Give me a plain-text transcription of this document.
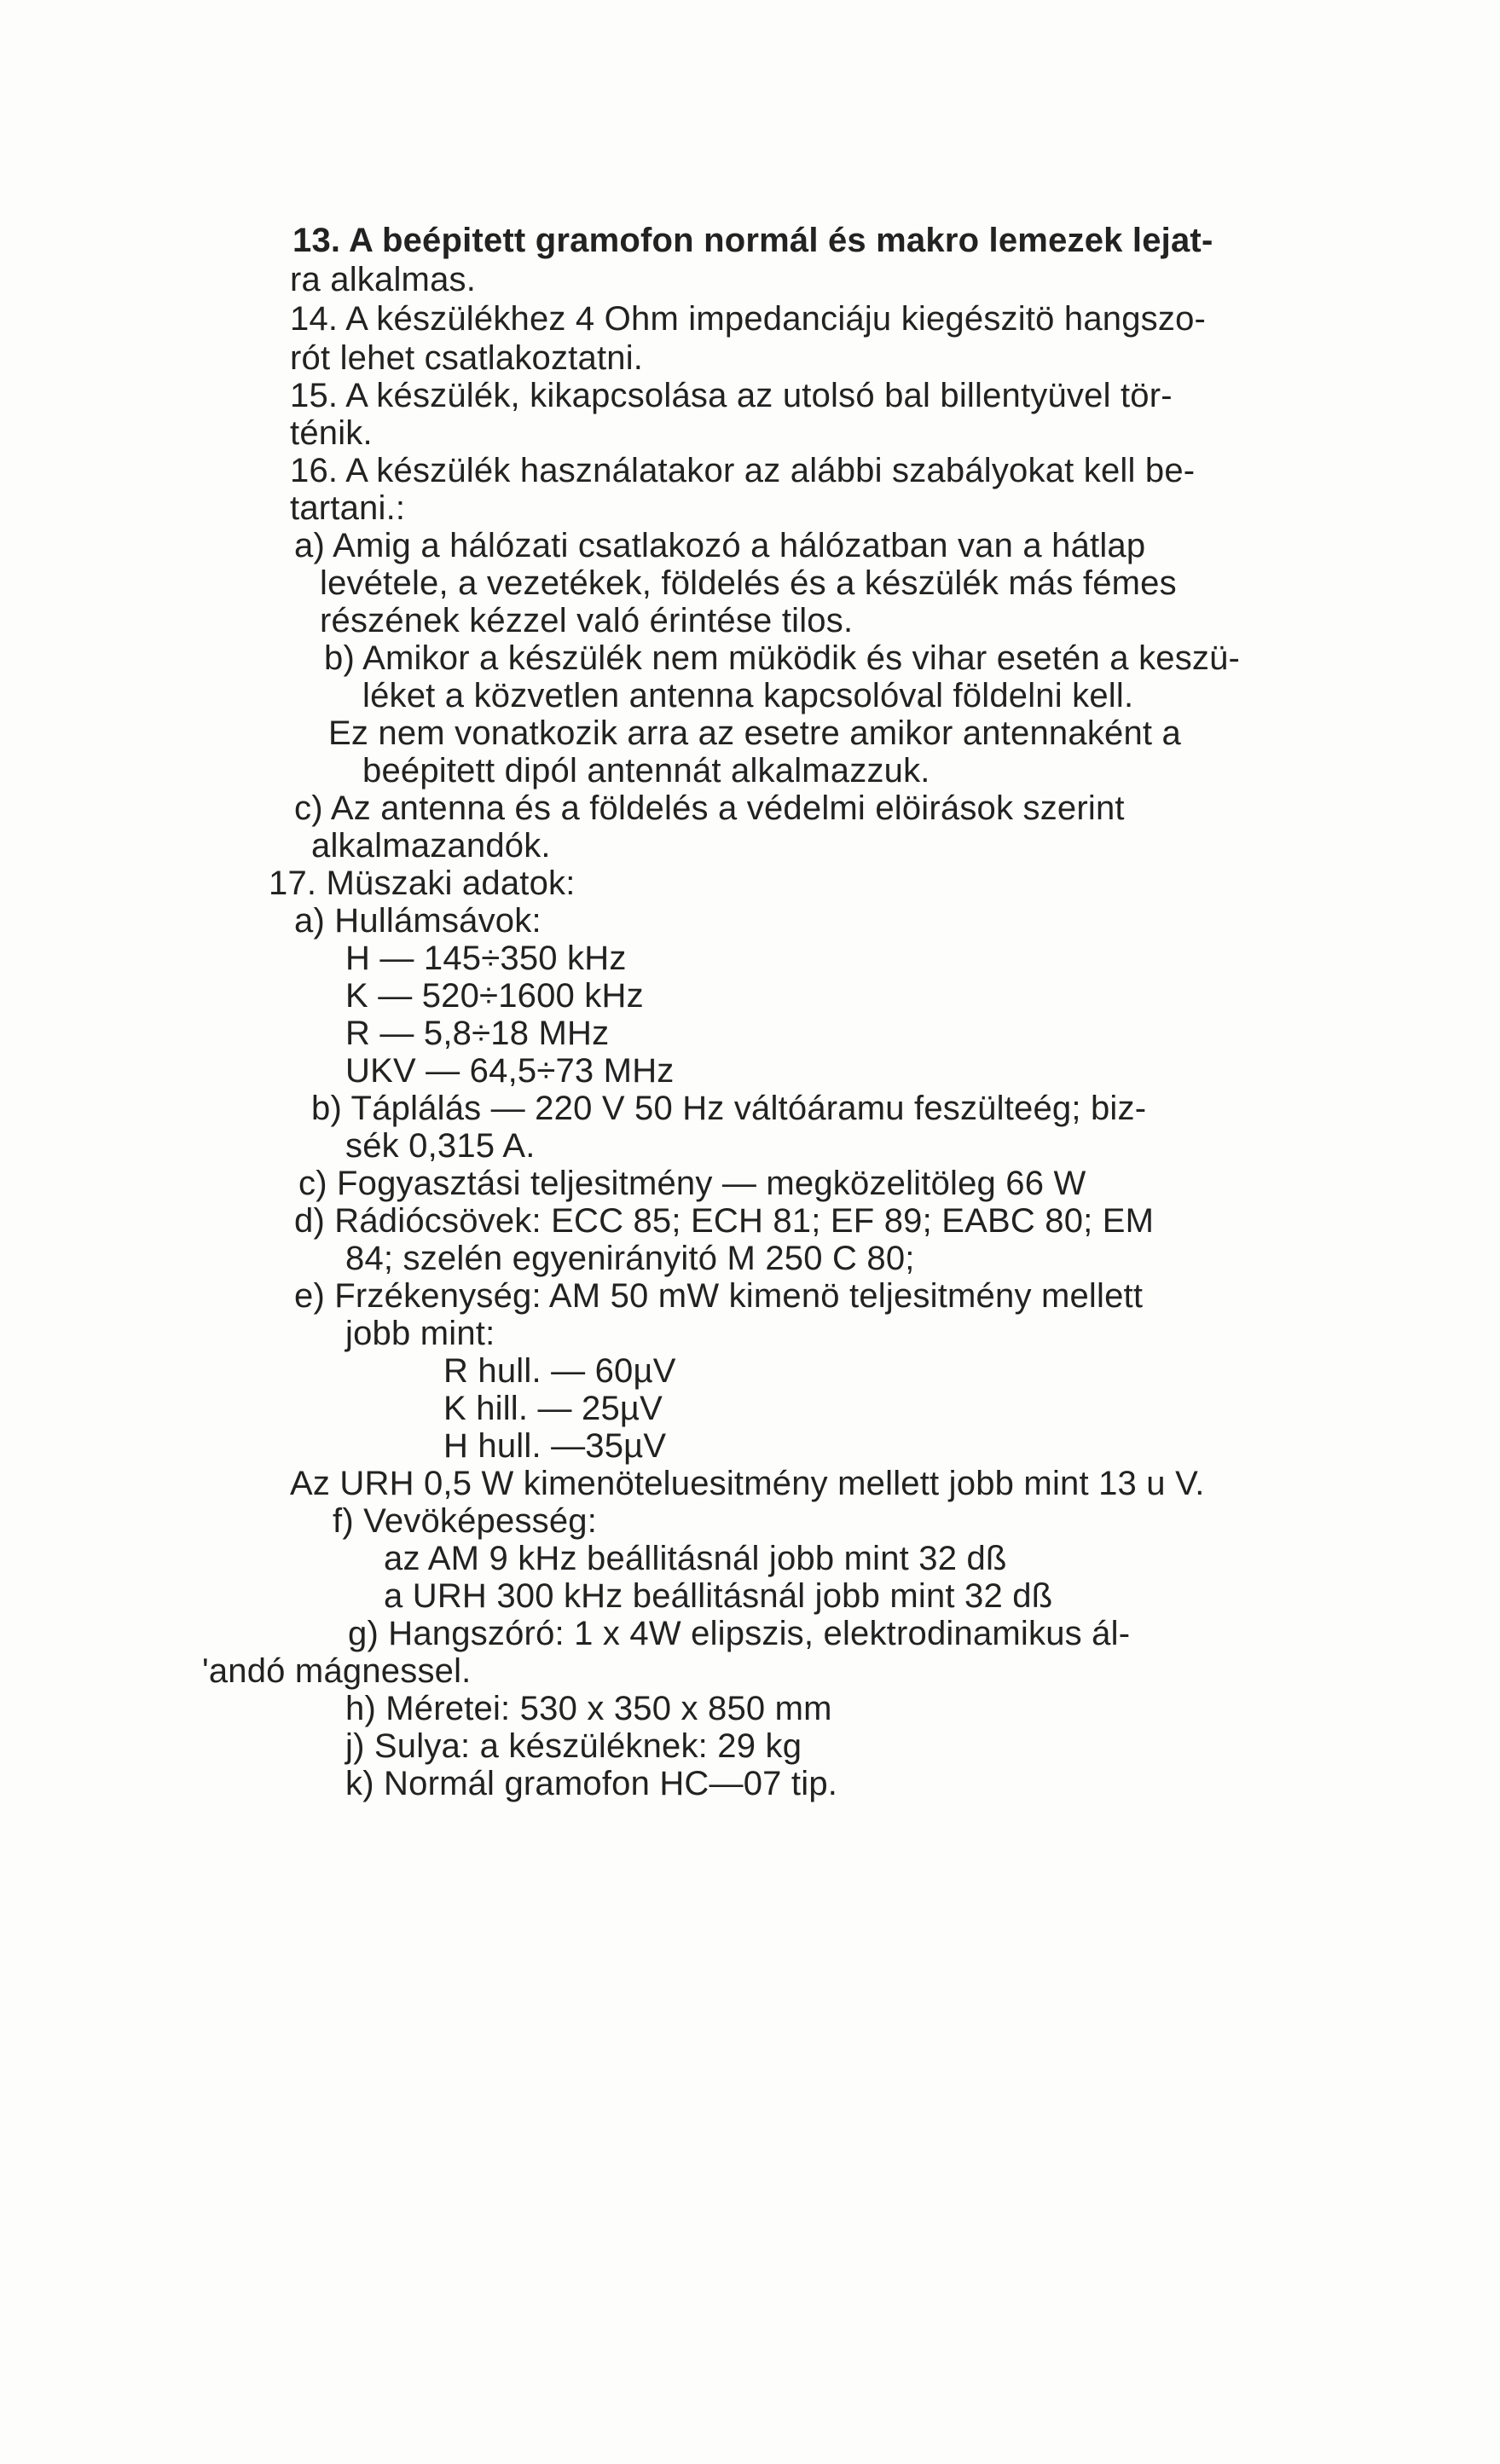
13. A beépitett gramofon normál és makro lemezek lejat-
ra alkalmas.
14. A készülékhez 4 Ohm impedanciáju kiegészitö hangszo-
rót lehet csatlakoztatni.
15. A készülék, kikapcsolása az utolsó bal billentyüvel tör-
ténik.
16. A készülék használatakor az alábbi szabályokat kell be-
tartani.:
a) Amig a hálózati csatlakozó a hálózatban van a hátlap
levétele, a vezetékek, földelés és a készülék más fémes
részének kézzel való érintése tilos.
b) Amikor a készülék nem müködik és vihar esetén a keszü-
léket a közvetlen antenna kapcsolóval földelni kell.
Ez nem vonatkozik arra az esetre amikor antennaként a
beépitett dipól antennát alkalmazzuk.
c) Az antenna és a földelés a védelmi elöirások szerint
alkalmazandók.
17. Müszaki adatok:
a) Hullámsávok:
H — 145÷350 kHz
K — 520÷1600 kHz
R — 5,8÷18 MHz
UKV — 64,5÷73 MHz
b) Táplálás — 220 V 50 Hz váltóáramu feszülteég; biz-
sék 0,315 A.
c) Fogyasztási teljesitmény — megközelitöleg 66 W
d) Rádiócsövek: ECC 85; ECH 81; EF 89; EABC 80; EM
84; szelén egyenirányitó M 250 C 80;
e) Frzékenység: AM 50 mW kimenö teljesitmény mellett
jobb mint:
R hull. — 60µV
K hill. — 25µV
H hull. —35µV
Az URH 0,5 W kimenöteluesitmény mellett jobb mint 13 u V.
f) Vevöképesség:
az AM 9 kHz beállitásnál jobb mint 32 dß
a URH 300 kHz beállitásnál jobb mint 32 dß
g) Hangszóró: 1 x 4W elipszis, elektrodinamikus ál-
'andó mágnessel.
h) Méretei: 530 x 350 x 850 mm
j) Sulya: a készüléknek: 29 kg
k) Normál gramofon HC—07 tip.
